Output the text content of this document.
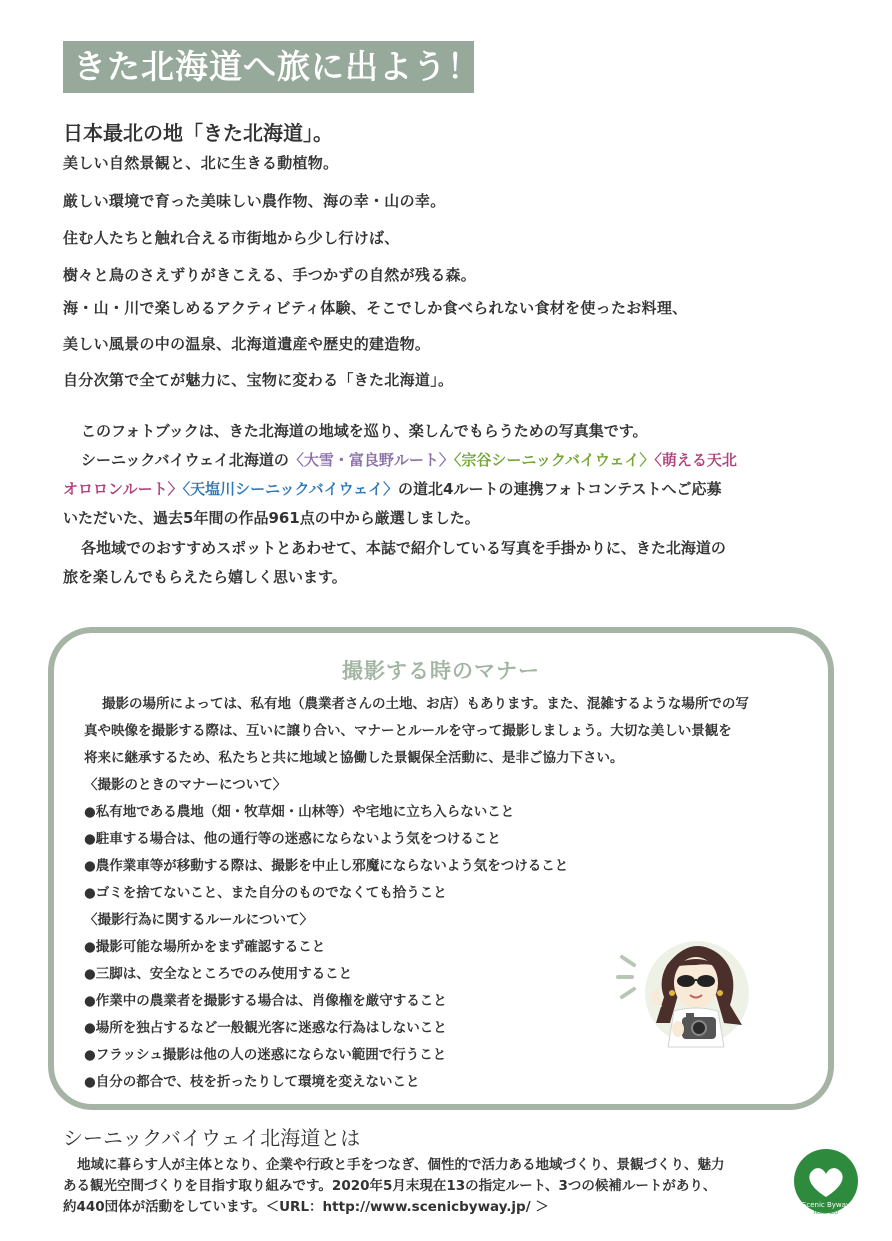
きた北海道へ旅に出よう！
日本最北の地「きた北海道」。
美しい自然景観と、北に生きる動植物。
厳しい環境で育った美味しい農作物、海の幸・山の幸。
住む人たちと触れ合える市街地から少し行けば、
樹々と鳥のさえずりがきこえる、手つかずの自然が残る森。
海・山・川で楽しめるアクティビティ体験、そこでしか食べられない食材を使ったお料理、
美しい風景の中の温泉、北海道遺産や歴史的建造物。
自分次第で全てが魅力に、宝物に変わる「きた北海道」。
このフォトブックは、きた北海道の地域を巡り、楽しんでもらうための写真集です。
シーニックバイウェイ北海道の〈大雪・富良野ルート〉〈宗谷シーニックバイウェイ〉〈萌える天北
オロロンルート〉〈天塩川シーニックバイウェイ〉の道北4ルートの連携フォトコンテストへご応募
いただいた、過去5年間の作品961点の中から厳選しました。
各地域でのおすすめスポットとあわせて、本誌で紹介している写真を手掛かりに、きた北海道の
旅を楽しんでもらえたら嬉しく思います。
撮影する時のマナー
撮影の場所によっては、私有地（農業者さんの土地、お店）もあります。また、混雑するような場所での写
真や映像を撮影する際は、互いに譲り合い、マナーとルールを守って撮影しましょう。大切な美しい景観を
将来に継承するため、私たちと共に地域と協働した景観保全活動に、是非ご協力下さい。
〈撮影のときのマナーについて〉
●私有地である農地（畑・牧草畑・山林等）や宅地に立ち入らないこと
●駐車する場合は、他の通行等の迷惑にならないよう気をつけること
●農作業車等が移動する際は、撮影を中止し邪魔にならないよう気をつけること
●ゴミを捨てないこと、また自分のものでなくても拾うこと
〈撮影行為に関するルールについて〉
●撮影可能な場所かをまず確認すること
●三脚は、安全なところでのみ使用すること
●作業中の農業者を撮影する場合は、肖像権を厳守すること
●場所を独占するなど一般観光客に迷惑な行為はしないこと
●フラッシュ撮影は他の人の迷惑にならない範囲で行うこと
●自分の都合で、枝を折ったりして環境を変えないこと
シーニックバイウェイ北海道とは
地域に暮らす人が主体となり、企業や行政と手をつなぎ、個性的で活力ある地域づくり、景観づくり、魅力
ある観光空間づくりを目指す取り組みです。2020年5月末現在13の指定ルート、3つの候補ルートがあり、
約440団体が活動をしています。＜URL：http://www.scenicbyway.jp/ ＞	Scenic Byway
HOKKAIDO
